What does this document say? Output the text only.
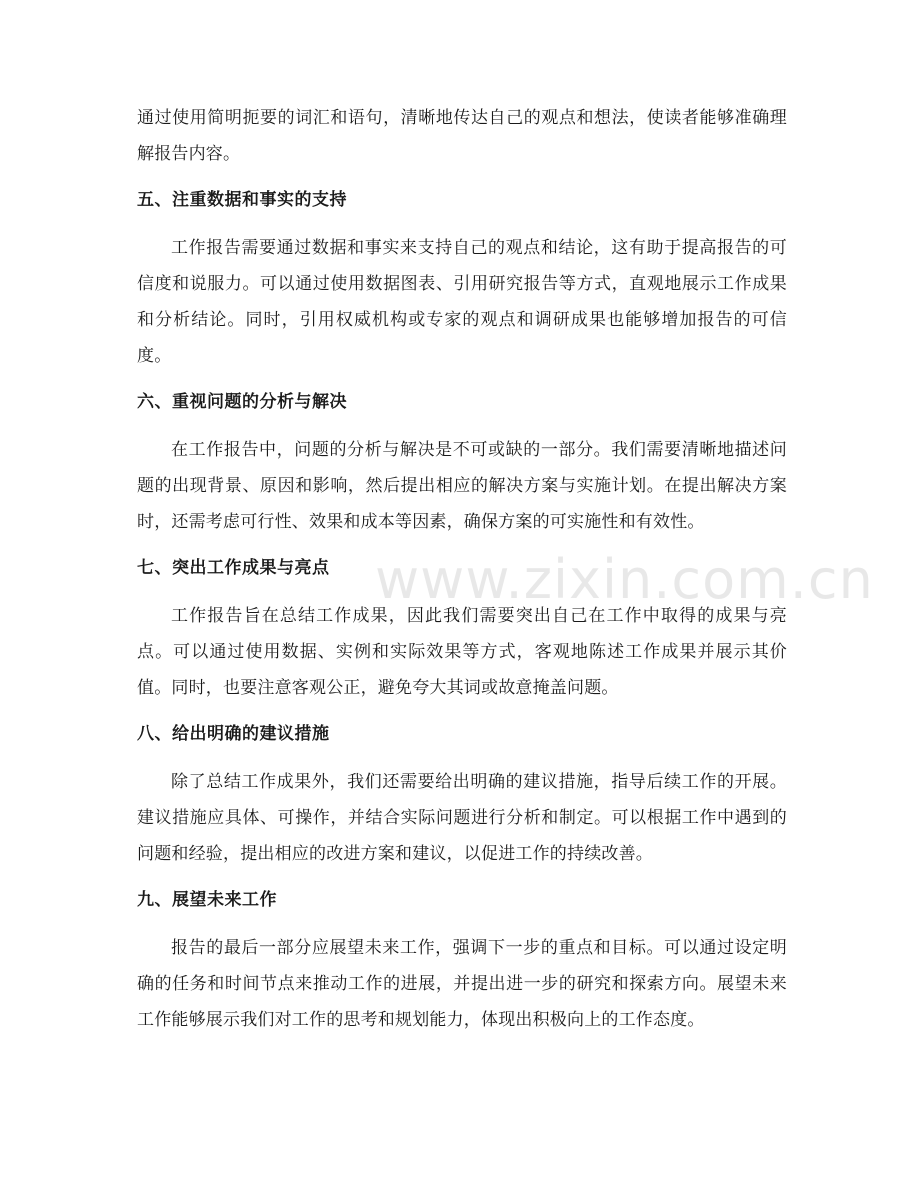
通过使用简明扼要的词汇和语句，清晰地传达自己的观点和想法，使读者能够准确理解报告内容。

五、注重数据和事实的支持

工作报告需要通过数据和事实来支持自己的观点和结论，这有助于提高报告的可信度和说服力。可以通过使用数据图表、引用研究报告等方式，直观地展示工作成果和分析结论。同时，引用权威机构或专家的观点和调研成果也能够增加报告的可信度。

六、重视问题的分析与解决

在工作报告中，问题的分析与解决是不可或缺的一部分。我们需要清晰地描述问题的出现背景、原因和影响，然后提出相应的解决方案与实施计划。在提出解决方案时，还需考虑可行性、效果和成本等因素，确保方案的可实施性和有效性。

七、突出工作成果与亮点

工作报告旨在总结工作成果，因此我们需要突出自己在工作中取得的成果与亮点。可以通过使用数据、实例和实际效果等方式，客观地陈述工作成果并展示其价值。同时，也要注意客观公正，避免夸大其词或故意掩盖问题。

八、给出明确的建议措施

除了总结工作成果外，我们还需要给出明确的建议措施，指导后续工作的开展。建议措施应具体、可操作，并结合实际问题进行分析和制定。可以根据工作中遇到的问题和经验，提出相应的改进方案和建议，以促进工作的持续改善。

九、展望未来工作

报告的最后一部分应展望未来工作，强调下一步的重点和目标。可以通过设定明确的任务和时间节点来推动工作的进展，并提出进一步的研究和探索方向。展望未来工作能够展示我们对工作的思考和规划能力，体现出积极向上的工作态度。

www.zixin.com.cn
